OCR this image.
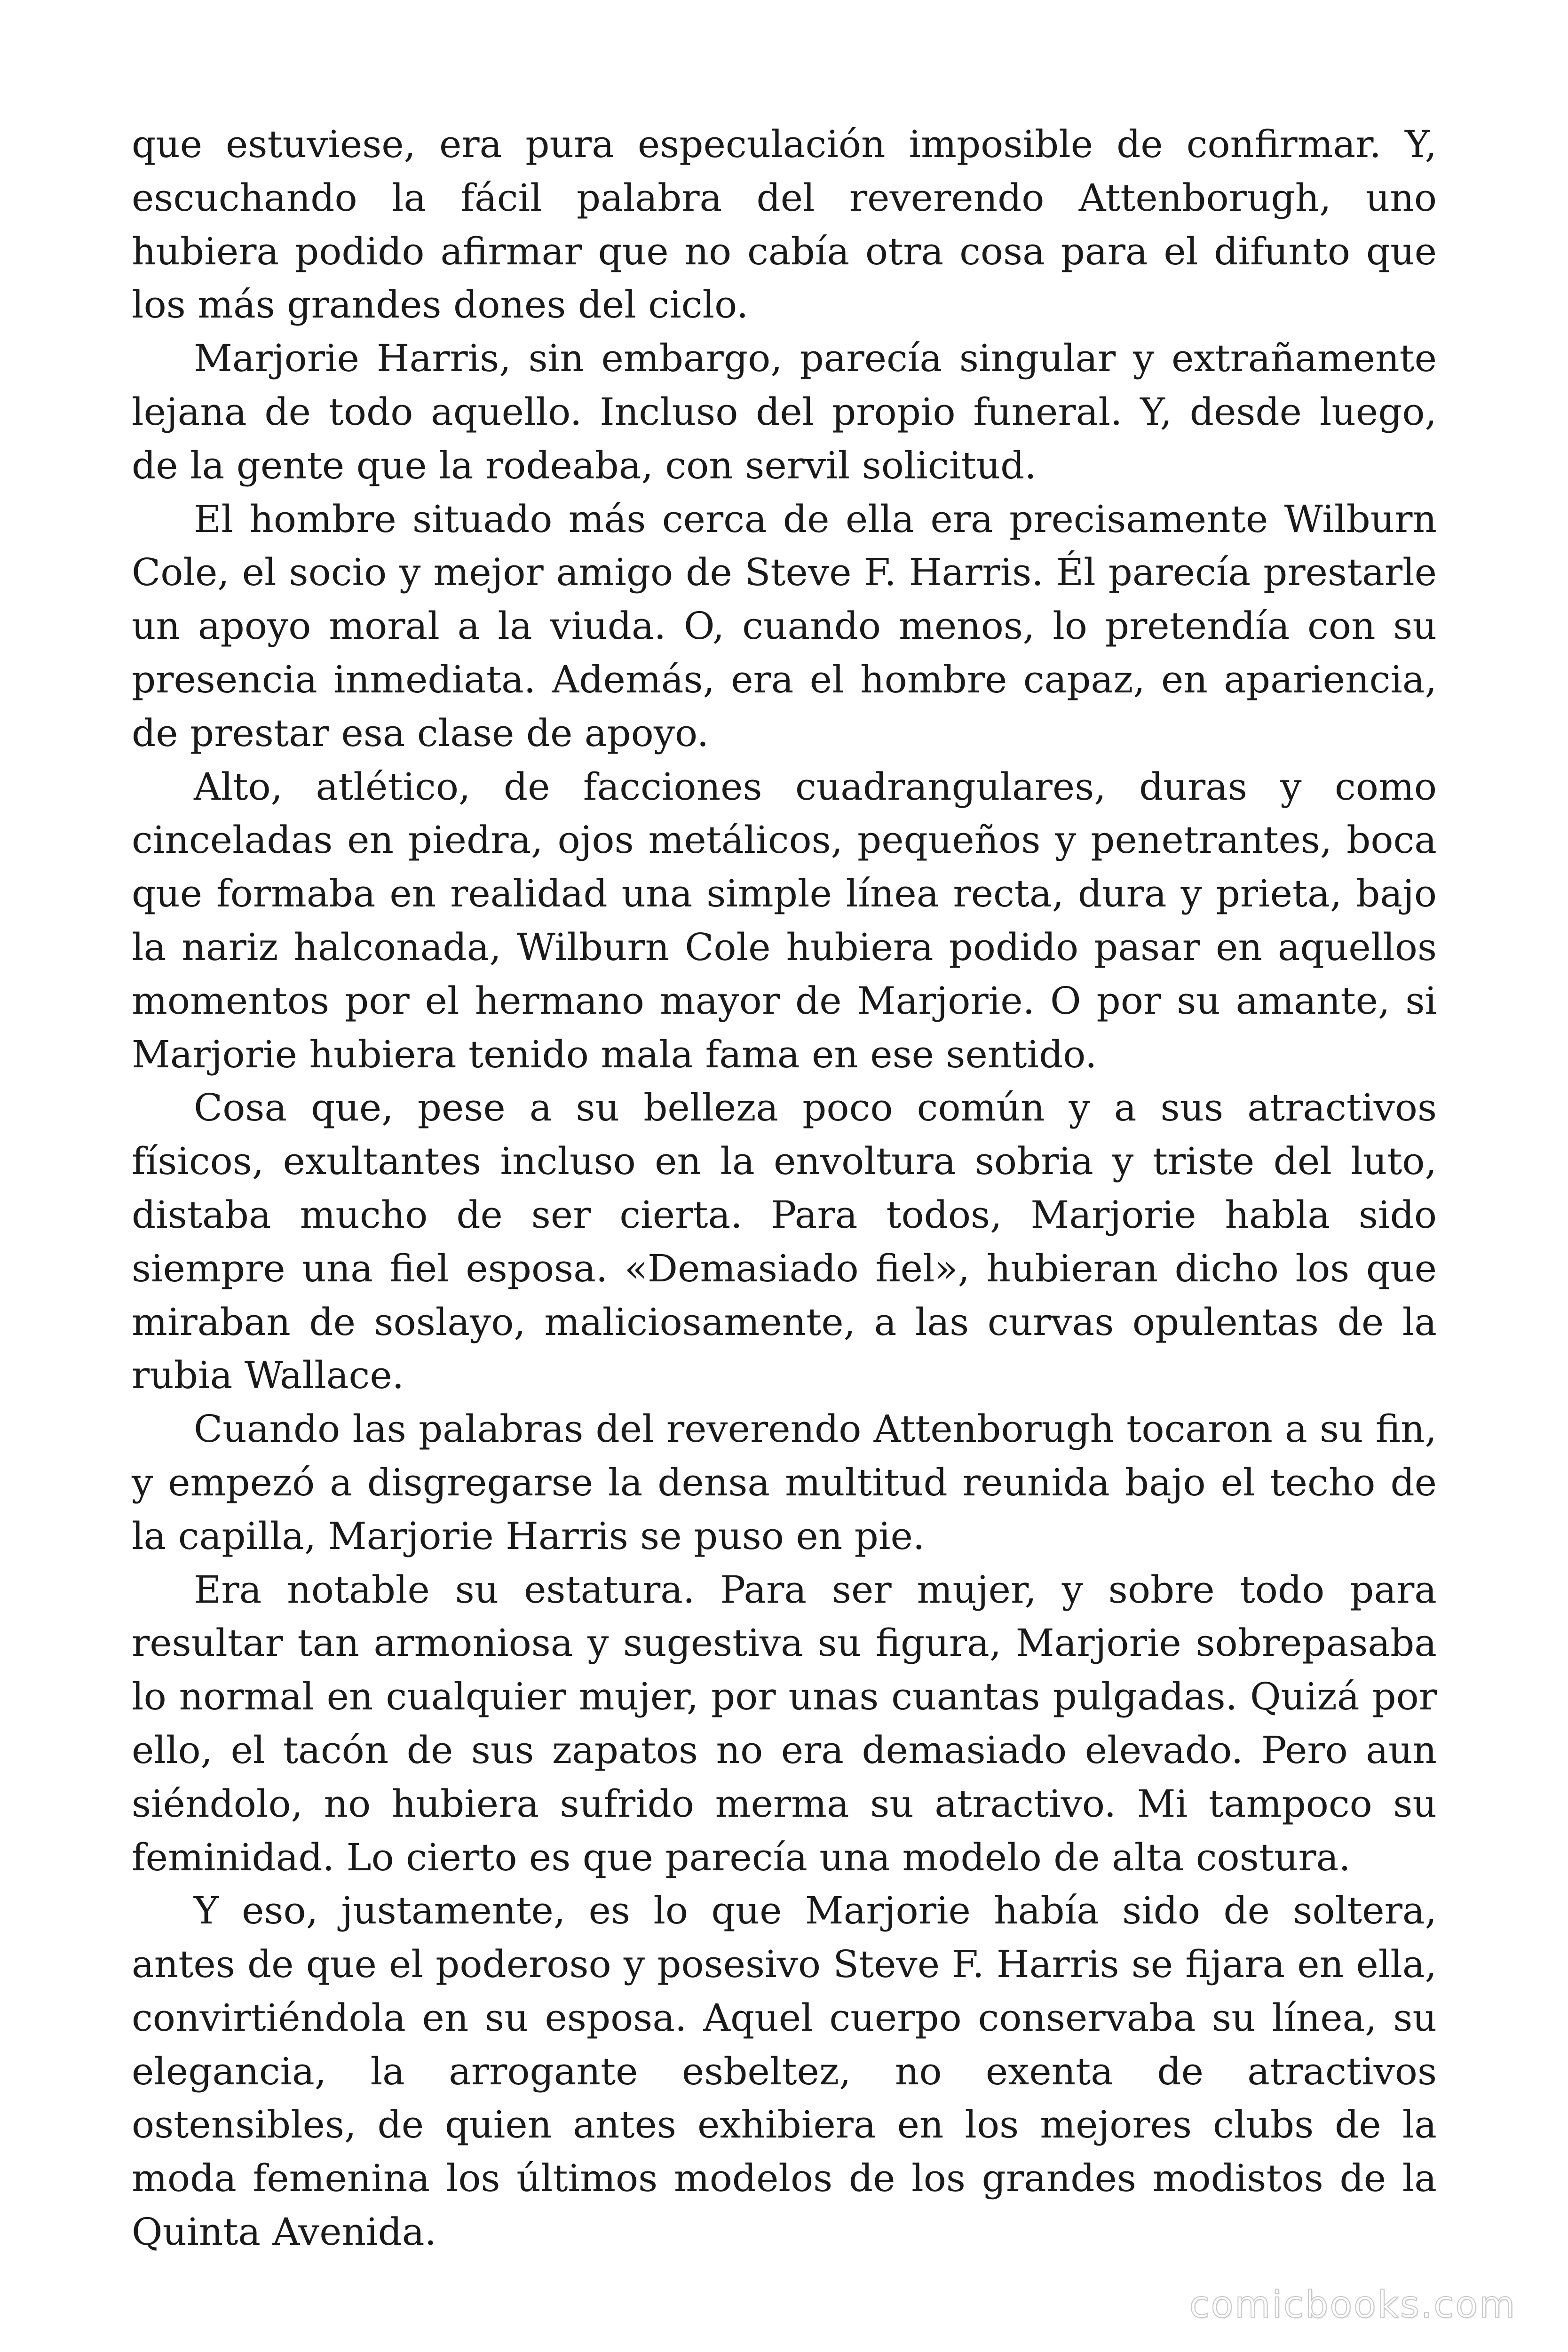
que estuviese, era pura especulación imposible de confirmar. Y, escuchando la fácil palabra del reverendo Attenborugh, uno hubiera podido afirmar que no cabía otra cosa para el difunto que los más grandes dones del ciclo.

Marjorie Harris, sin embargo, parecía singular y extrañamente lejana de todo aquello. Incluso del propio funeral. Y, desde luego, de la gente que la rodeaba, con servil solicitud.

El hombre situado más cerca de ella era precisamente Wilburn Cole, el socio y mejor amigo de Steve F. Harris. Él parecía prestarle un apoyo moral a la viuda. O, cuando menos, lo pretendía con su presencia inmediata. Además, era el hombre capaz, en apariencia, de prestar esa clase de apoyo.

Alto, atlético, de facciones cuadrangulares, duras y como cinceladas en piedra, ojos metálicos, pequeños y penetrantes, boca que formaba en realidad una simple línea recta, dura y prieta, bajo la nariz halconada, Wilburn Cole hubiera podido pasar en aquellos momentos por el hermano mayor de Marjorie. O por su amante, si Marjorie hubiera tenido mala fama en ese sentido.

Cosa que, pese a su belleza poco común y a sus atractivos físicos, exultantes incluso en la envoltura sobria y triste del luto, distaba mucho de ser cierta. Para todos, Marjorie habla sido siempre una fiel esposa. «Demasiado fiel», hubieran dicho los que miraban de soslayo, maliciosamente, a las curvas opulentas de la rubia Wallace.

Cuando las palabras del reverendo Attenborugh tocaron a su fin, y empezó a disgregarse la densa multitud reunida bajo el techo de la capilla, Marjorie Harris se puso en pie.

Era notable su estatura. Para ser mujer, y sobre todo para resultar tan armoniosa y sugestiva su figura, Marjorie sobrepasaba lo normal en cualquier mujer, por unas cuantas pulgadas. Quizá por ello, el tacón de sus zapatos no era demasiado elevado. Pero aun siéndolo, no hubiera sufrido merma su atractivo. Mi tampoco su feminidad. Lo cierto es que parecía una modelo de alta costura.

Y eso, justamente, es lo que Marjorie había sido de soltera, antes de que el poderoso y posesivo Steve F. Harris se fijara en ella, convirtiéndola en su esposa. Aquel cuerpo conservaba su línea, su elegancia, la arrogante esbeltez, no exenta de atractivos ostensibles, de quien antes exhibiera en los mejores clubs de la moda femenina los últimos modelos de los grandes modistos de la Quinta Avenida.

comicbooks.com
